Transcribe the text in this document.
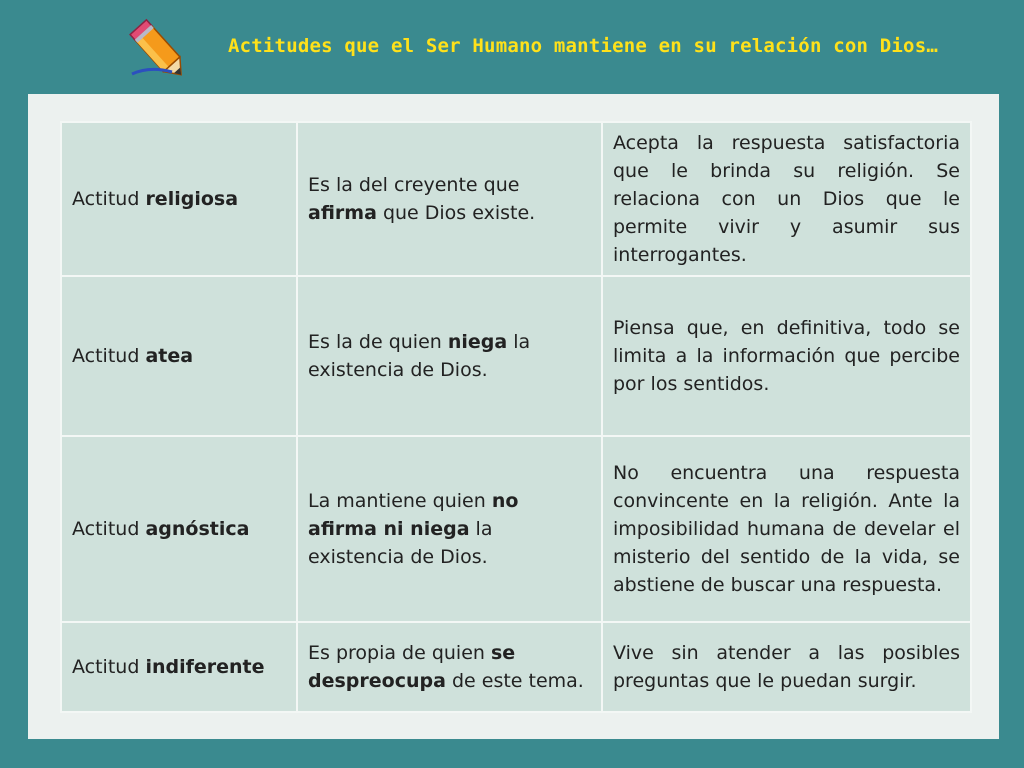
Actitudes que el Ser Humano mantiene en su relación con Dios…
Actitud religiosa	Es la del creyente que afirma que Dios existe.	Acepta la respuesta satisfactoria que le brinda su religión. Se relaciona con un Dios que le permite vivir y asumir sus interrogantes.
Actitud atea	Es la de quien niega la existencia de Dios.	Piensa que, en definitiva, todo se limita a la información que percibe por los sentidos.
Actitud agnóstica	La mantiene quien no afirma ni niega la existencia de Dios.	No encuentra una respuesta convincente en la religión. Ante la imposibilidad humana de develar el misterio del sentido de la vida, se abstiene de buscar una respuesta.
Actitud indiferente	Es propia de quien se despreocupa de este tema.	Vive sin atender a las posibles preguntas que le puedan surgir.
